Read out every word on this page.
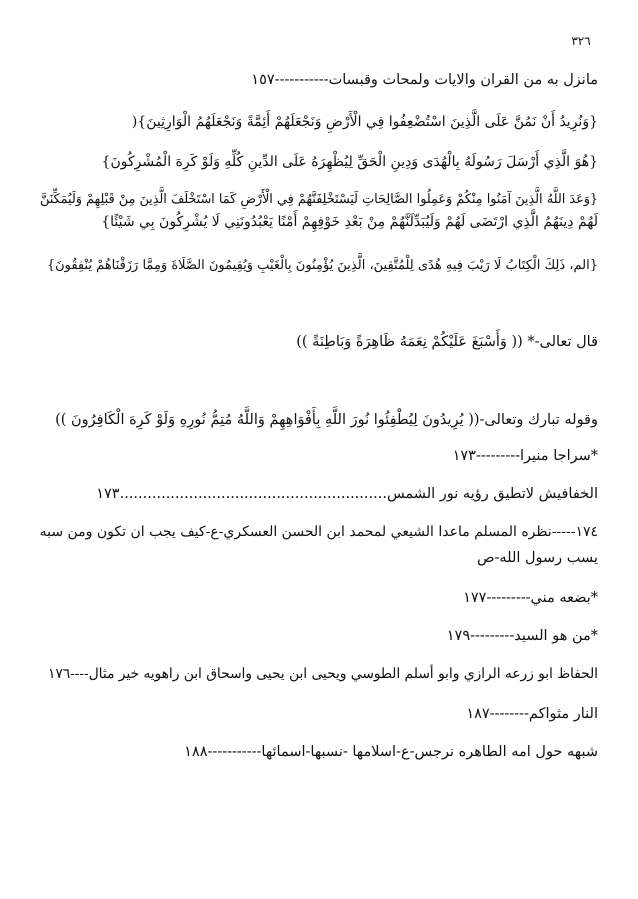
٣٢٦
مانزل به من القران والايات ولمحات وقبسات-----------١٥٧
{وَنُرِيدُ أَنْ نَمُنَّ عَلَى الَّذِينَ اسْتُضْعِفُوا فِي الْأَرْضِ وَنَجْعَلَهُمْ أَئِمَّةً وَنَجْعَلَهُمُ الْوَارِثِينَ}(
{هُوَ الَّذِي أَرْسَلَ رَسُولَهُ بِالْهُدَى وَدِينِ الْحَقِّ لِيُظْهِرَهُ عَلَى الدِّينِ كُلِّهِ وَلَوْ كَرِهَ الْمُشْرِكُونَ}
{وَعَدَ اللَّهُ الَّذِينَ آمَنُوا مِنْكُمْ وَعَمِلُوا الصَّالِحَاتِ لَيَسْتَخْلِفَنَّهُمْ فِي الْأَرْضِ كَمَا اسْتَخْلَفَ الَّذِينَ مِنْ قَبْلِهِمْ وَلَيُمَكِّنَنَّ
لَهُمْ دِينَهُمُ الَّذِي ارْتَضَى لَهُمْ وَلَيُبَدِّلَنَّهُمْ مِنْ بَعْدِ خَوْفِهِمْ أَمْنًا يَعْبُدُونَنِي لَا يُشْرِكُونَ بِي شَيْئًا}
{الم، ذَلِكَ الْكِتَابُ لَا رَيْبَ فِيهِ هُدًى لِلْمُتَّقِينَ، الَّذِينَ يُؤْمِنُونَ بِالْغَيْبِ وَيُقِيمُونَ الصَّلَاةَ وَمِمَّا رَزَقْنَاهُمْ يُنْفِقُونَ}
قال تعالى-* (( وَأَسْبَغَ عَلَيْكُمْ نِعَمَهُ ظَاهِرَةً وَبَاطِنَةً ))
وقوله تبارك وتعالى-(( يُرِيدُونَ لِيُطْفِئُوا نُورَ اللَّهِ بِأَفْوَاهِهِمْ وَاللَّهُ مُتِمُّ نُورِهِ وَلَوْ كَرِهَ الْكَافِرُونَ ))
*سراجا منيرا---------١٧٣
الخفافيش لاتطيق رؤيه نور الشمس..........................................................١٧٣
١٧٤-----نظره المسلم ماعدا الشيعي لمحمد ابن الحسن العسكري-ع-كيف يجب ان تكون ومن سبه
يسب رسول الله-ص
*بضعه مني---------١٧٧
*من هو السيد---------١٧٩
الحفاظ ابو زرعه الرازي وابو أسلم الطوسي ويحيى ابن يحيى واسحاق ابن راهويه خير مثال----١٧٦
النار مثواكم--------١٨٧
شبهه حول امه الطاهره نرجس-ع-اسلامها -نسبها-اسمائها-----------١٨٨
